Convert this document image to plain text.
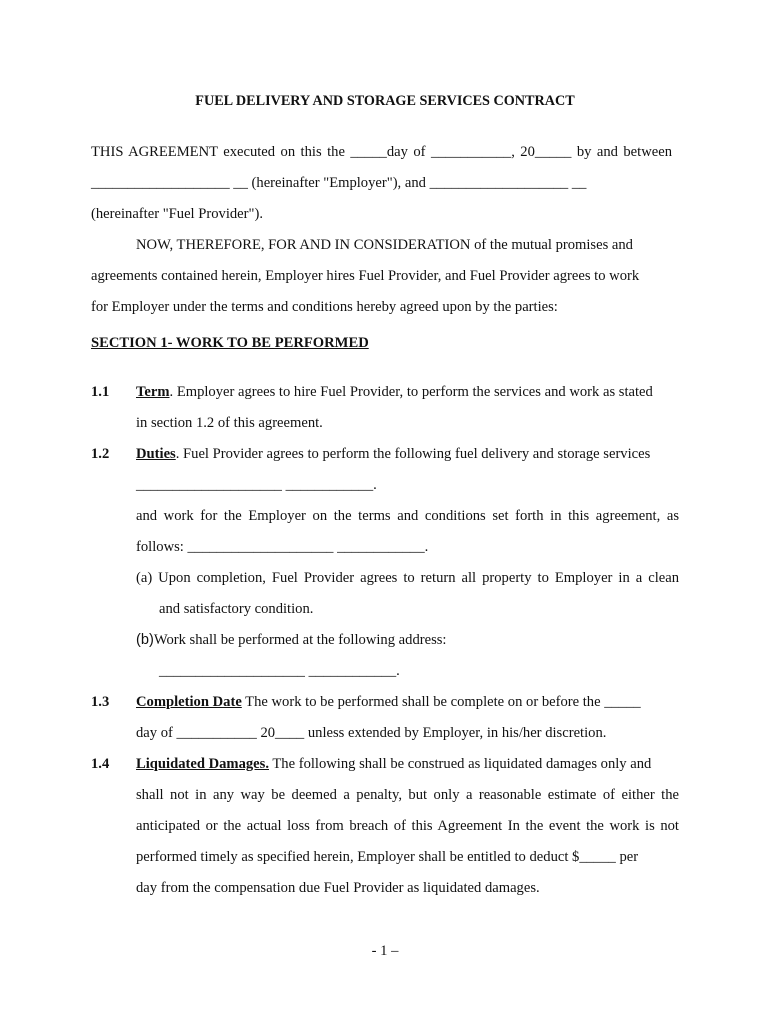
FUEL DELIVERY AND STORAGE SERVICES CONTRACT
THIS AGREEMENT executed on this the _____day of ___________, 20_____ by and between
___________________ __ (hereinafter "Employer"), and ___________________ __
(hereinafter "Fuel Provider").
NOW, THEREFORE, FOR AND IN CONSIDERATION of the mutual promises and
agreements contained herein, Employer hires Fuel Provider, and Fuel Provider agrees to work
for Employer under the terms and conditions hereby agreed upon by the parties:
SECTION 1- WORK TO BE PERFORMED
1.1 Term. Employer agrees to hire Fuel Provider, to perform the services and work as stated
in section 1.2 of this agreement.
1.2 Duties. Fuel Provider agrees to perform the following fuel delivery and storage services
____________________ ____________.
and work for the Employer on the terms and conditions set forth in this agreement, as
follows: ____________________ ____________.
(a) Upon completion, Fuel Provider agrees to return all property to Employer in a clean
and satisfactory condition.
(b)Work shall be performed at the following address:
____________________ ____________.
1.3 Completion Date The work to be performed shall be complete on or before the _____
day of ___________ 20____ unless extended by Employer, in his/her discretion.
1.4 Liquidated Damages. The following shall be construed as liquidated damages only and
shall not in any way be deemed a penalty, but only a reasonable estimate of either the
anticipated or the actual loss from breach of this Agreement In the event the work is not
performed timely as specified herein, Employer shall be entitled to deduct $_____ per
day from the compensation due Fuel Provider as liquidated damages.
- 1 –
